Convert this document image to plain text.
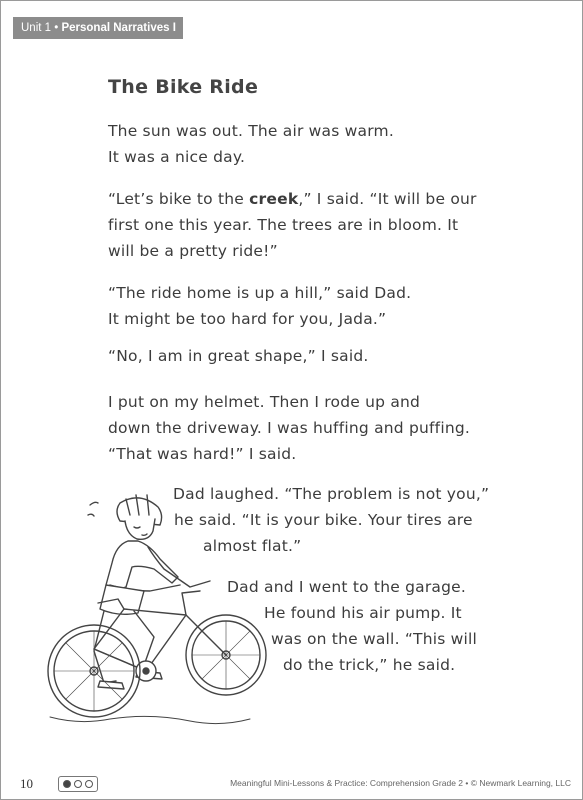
Unit 1 • Personal Narratives I
The Bike Ride
The sun was out. The air was warm.
It was a nice day.
“Let’s bike to the creek,” I said. “It will be our
first one this year. The trees are in bloom. It
will be a pretty ride!”
“The ride home is up a hill,” said Dad.
It might be too hard for you, Jada.”
“No, I am in great shape,” I said.
I put on my helmet. Then I rode up and
down the driveway. I was huffing and puffing.
“That was hard!” I said.
Dad laughed. “The problem is not you,”
he said. “It is your bike. Your tires are
almost flat.”
Dad and I went to the garage.
He found his air pump. It
was on the wall. “This will
do the trick,” he said.
10	Meaningful Mini-Lessons & Practice: Comprehension Grade 2 • © Newmark Learning, LLC
